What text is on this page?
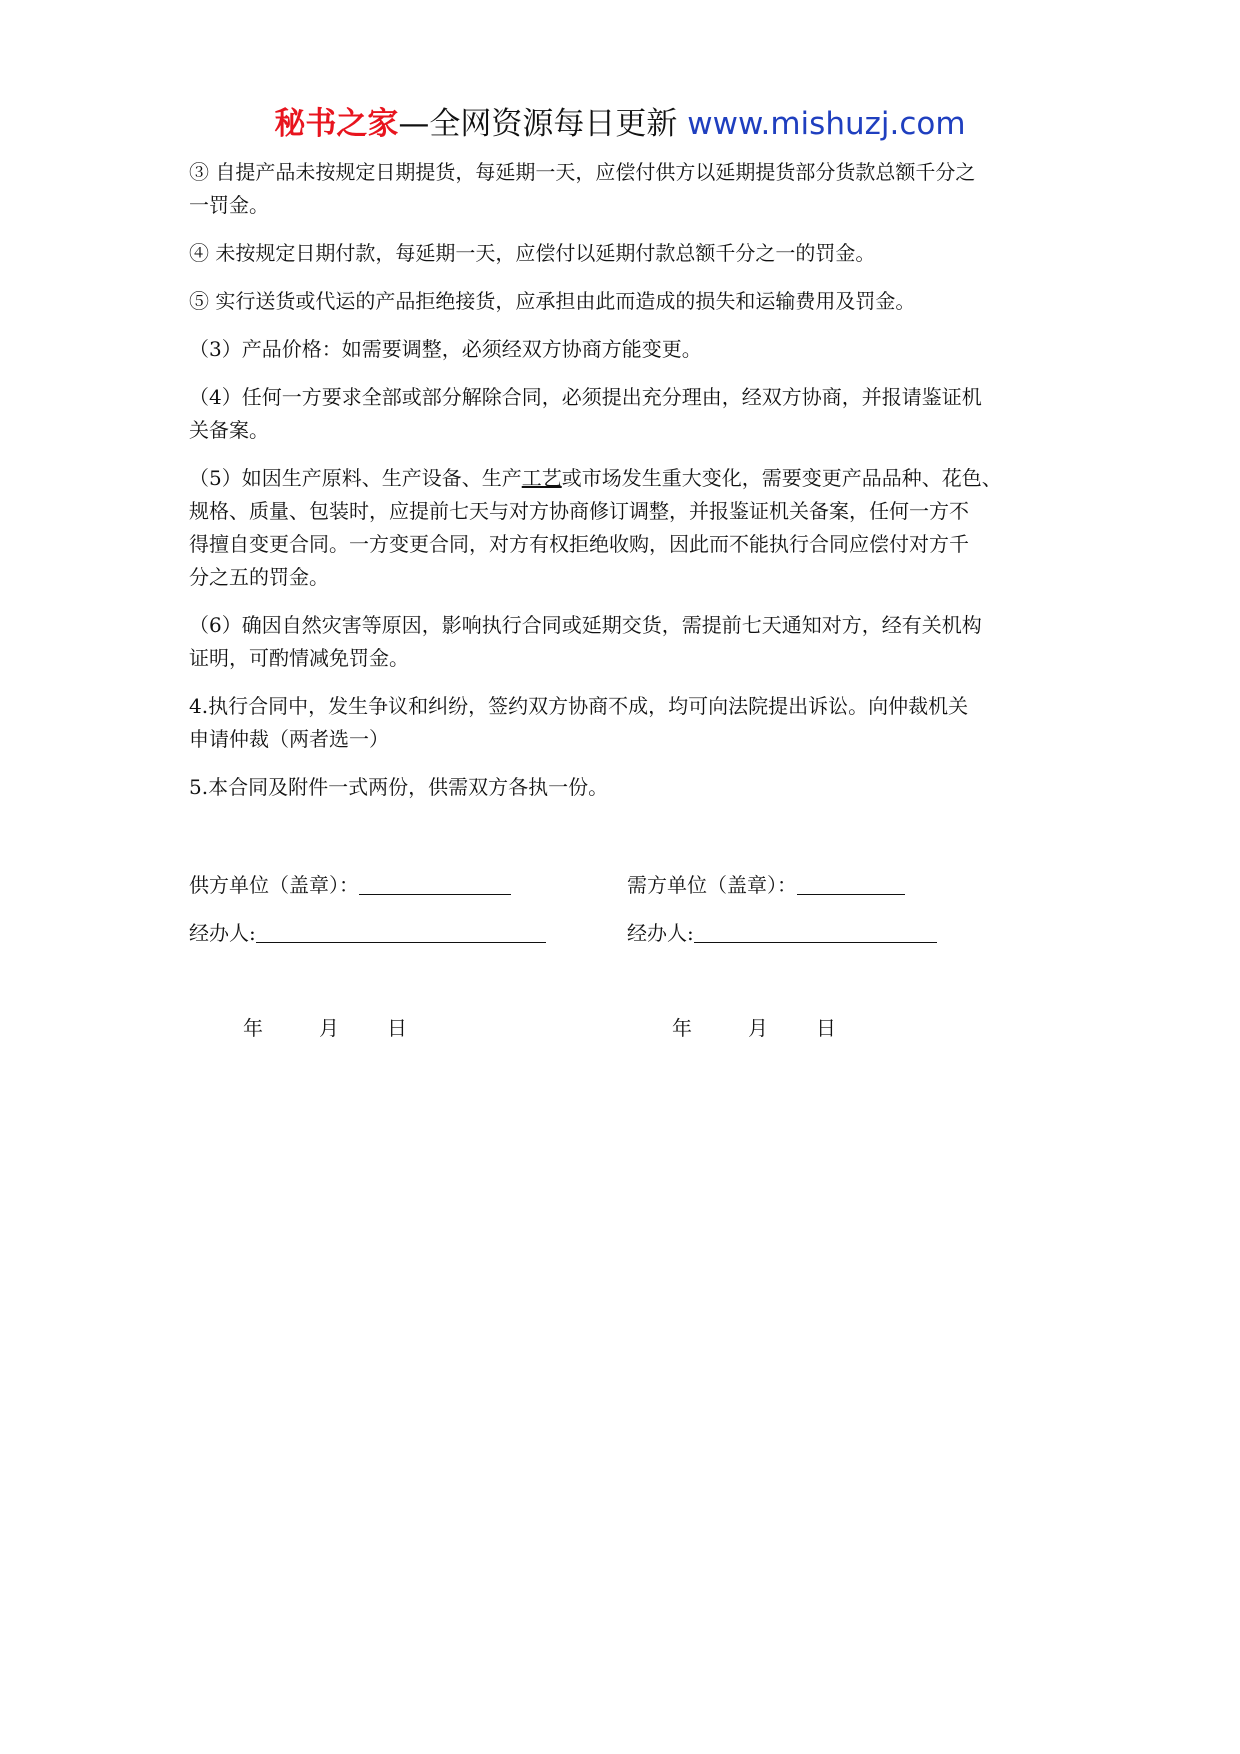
秘书之家—全网资源每日更新 www.mishuzj.com

③ 自提产品未按规定日期提货，每延期一天，应偿付供方以延期提货部分货款总额千分之
一罚金。

④ 未按规定日期付款，每延期一天，应偿付以延期付款总额千分之一的罚金。

⑤ 实行送货或代运的产品拒绝接货，应承担由此而造成的损失和运输费用及罚金。

（3）产品价格：如需要调整，必须经双方协商方能变更。

（4）任何一方要求全部或部分解除合同，必须提出充分理由，经双方协商，并报请鉴证机
关备案。

（5）如因生产原料、生产设备、生产工艺或市场发生重大变化，需要变更产品品种、花色、
规格、质量、包装时，应提前七天与对方协商修订调整，并报鉴证机关备案，任何一方不
得擅自变更合同。一方变更合同，对方有权拒绝收购，因此而不能执行合同应偿付对方千
分之五的罚金。

（6）确因自然灾害等原因，影响执行合同或延期交货，需提前七天通知对方，经有关机构
证明，可酌情减免罚金。

4.执行合同中，发生争议和纠纷，签约双方协商不成，均可向法院提出诉讼。向仲裁机关
申请仲裁（两者选一）

5.本合同及附件一式两份，供需双方各执一份。

供方单位（盖章）：	需方单位（盖章）：
经办人:	经办人:
年	月 日	年	月 日
